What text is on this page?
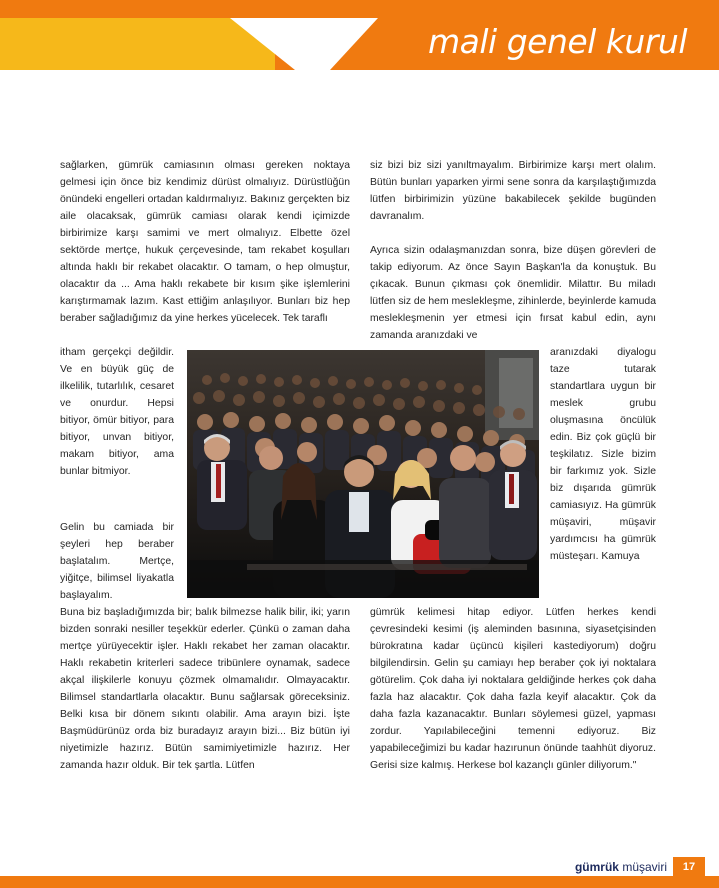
mali genel kurul

sağlarken, gümrük camiasının olması gereken noktaya gelmesi için önce biz kendimiz dürüst olmalıyız. Dürüstlüğün önündeki engelleri ortadan kaldırmalıyız. Bakınız gerçekten biz aile olacaksak, gümrük camiası olarak kendi içimizde birbirimize karşı samimi ve mert olmalıyız. Elbette özel sektörde mertçe, hukuk çerçevesinde, tam rekabet koşulları altında haklı bir rekabet olacaktır. O tamam, o hep olmuştur, olacaktır da ... Ama haklı rekabete bir kısım şike işlemlerini karıştırmamak lazım. Kast ettiğim anlaşılıyor. Bunları biz hep beraber sağladığımız da yine herkes yücelecek. Tek taraflı

itham gerçekçi değildir. Ve en büyük güç de ilkelilik, tutarlılık, cesaret ve onurdur. Hepsi bitiyor, ömür bitiyor, para bitiyor, unvan bitiyor, makam bitiyor, ama bunlar bitmiyor.

Gelin bu camiada bir şeyleri hep beraber başlatalım. Mertçe, yiğitçe, bilimsel liyakatla başlayalım.

Buna biz başladığımızda bir; balık bilmezse halik bilir, iki; yarın bizden sonraki nesiller teşekkür ederler. Çünkü o zaman daha mertçe yürüyecektir işler. Haklı rekabet her zaman olacaktır. Haklı rekabetin kriterleri sadece tribünlere oynamak, sadece akçal ilişkilerle konuyu çözmek olmamalıdır. Olmayacaktır. Bilimsel standartlarla olacaktır. Bunu sağlarsak göreceksiniz. Belki kısa bir dönem sıkıntı olabilir. Ama arayın bizi. İşte Başmüdürünüz orda biz buradayız arayın bizi... Biz bütün iyi niyetimizle hazırız. Bütün samimiyetimizle hazırız. Her zamanda hazır olduk. Bir tek şartla. Lütfen

siz bizi biz sizi yanıltmayalım. Birbirimize karşı mert olalım. Bütün bunları yaparken yirmi sene sonra da karşılaştığımızda lütfen birbirimizin yüzüne bakabilecek şekilde bugünden davranalım.

Ayrıca sizin odalaşmanızdan sonra, bize düşen görevleri de takip ediyorum. Az önce Sayın Başkan'la da konuştuk. Bu çıkacak. Bunun çıkması çok önemlidir. Milattır. Bu miladı lütfen siz de hem meslekleşme, zihinlerde, beyinlerde kamuda meslekleşmenin yer etmesi için fırsat kabul edin, aynı zamanda aranızdaki ve

aranızdaki diyalogu taze tutarak standartlara uygun bir meslek grubu oluşmasına öncülük edin. Biz çok güçlü bir teşkilatız. Sizle bizim bir farkımız yok. Sizle biz dışarıda gümrük camiasıyız. Ha gümrük müşaviri, müşavir yardımcısı ha gümrük müsteşarı. Kamuya

gümrük kelimesi hitap ediyor. Lütfen herkes kendi çevresindeki kesimi (iş aleminden basınına, siyasetçisinden bürokratına kadar üçüncü kişileri kastediyorum) doğru bilgilendirsin. Gelin şu camiayı hep beraber çok iyi noktalara götürelim. Çok daha iyi noktalara geldiğinde herkes çok daha fazla haz alacaktır. Çok daha fazla keyif alacaktır. Çok da daha fazla kazanacaktır. Bunları söylemesi güzel, yapması zordur. Yapılabileceğini temenni ediyoruz. Biz yapabileceğimizi bu kadar hazırunun önünde taahhüt diyoruz. Gerisi size kalmış. Herkese bol kazançlı günler diliyorum."

gümrük müşaviri	17
